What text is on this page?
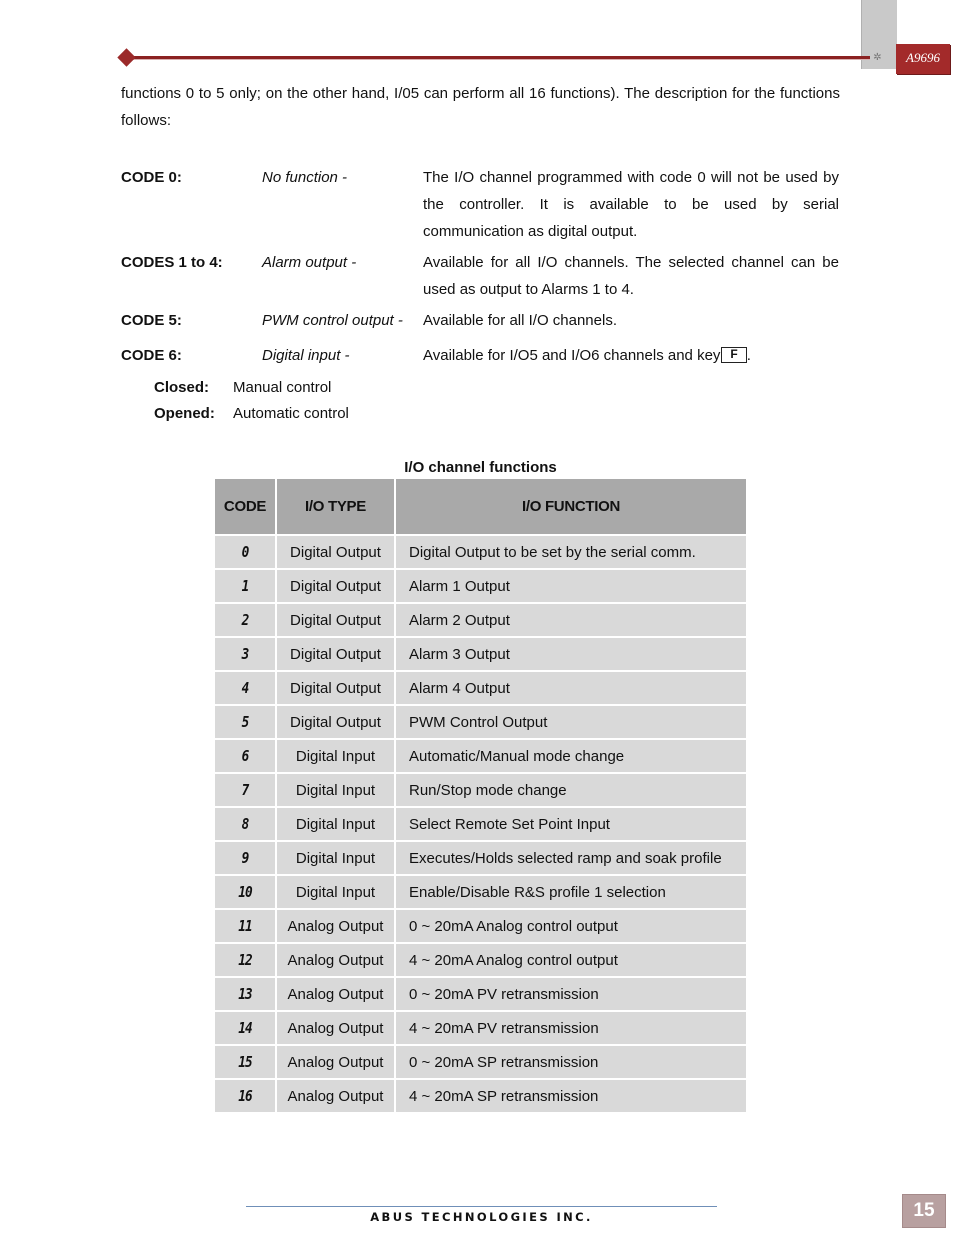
✲	A9696
functions 0 to 5 only; on the other hand, I/05 can perform all 16 functions). The description for the functions follows:
CODE 0:	No function -	The I/O channel programmed with code 0 will not be used by the controller. It is available to be used by serial communication as digital output.
CODES 1 to 4:	Alarm output -	Available for all I/O channels. The selected channel can be used as output to Alarms 1 to 4.
CODE 5:	PWM control output - Available for all I/O channels.
CODE 6:	Digital input -	Available for I/O5 and I/O6 channels and key F .
Closed: Manual control
Opened: Automatic control
I/O channel functions
CODE	I/O TYPE	I/O FUNCTION
0	Digital Output	Digital Output to be set by the serial comm.
1	Digital Output	Alarm 1 Output
2	Digital Output	Alarm 2 Output
3	Digital Output	Alarm 3 Output
4	Digital Output	Alarm 4 Output
5	Digital Output	PWM Control Output
6	Digital Input	Automatic/Manual mode change
7	Digital Input	Run/Stop mode change
8	Digital Input	Select Remote Set Point Input
9	Digital Input	Executes/Holds selected ramp and soak profile
10	Digital Input	Enable/Disable R&S profile 1 selection
11	Analog Output	0 ~ 20mA Analog control output
12	Analog Output	4 ~ 20mA Analog control output
13	Analog Output	0 ~ 20mA PV retransmission
14	Analog Output	4 ~ 20mA PV retransmission
15	Analog Output	0 ~ 20mA SP retransmission
16	Analog Output	4 ~ 20mA SP retransmission
ABUS TECHNOLOGIES INC.	15
